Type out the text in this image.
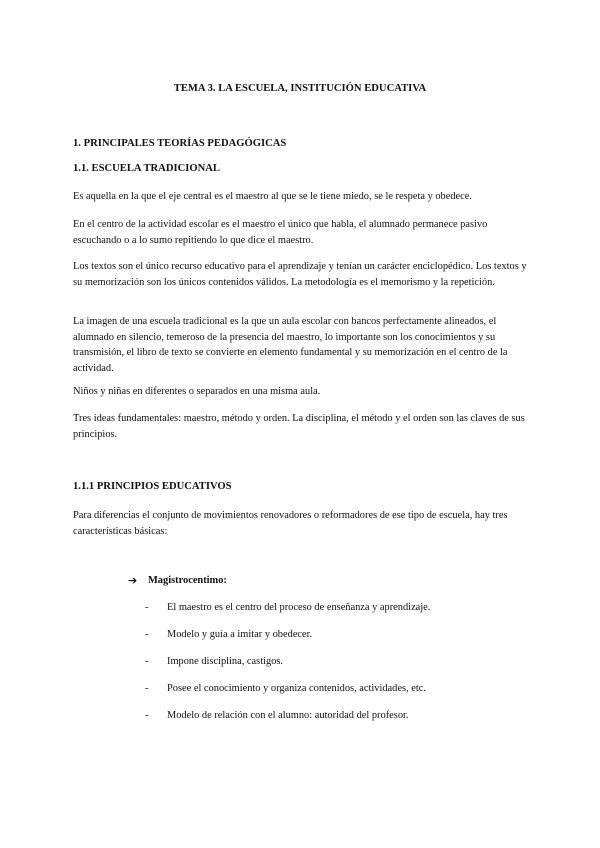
TEMA 3. LA ESCUELA, INSTITUCIÓN EDUCATIVA

1. PRINCIPALES TEORÍAS PEDAGÓGICAS

1.1. ESCUELA TRADICIONAL

Es aquella en la que el eje central es el maestro al que se le tiene miedo, se le respeta y obedece.

En el centro de la actividad escolar es el maestro el único que habla, el alumnado permanece pasivo escuchando o a lo sumo repitiendo lo que dice el maestro.

Los textos son el único recurso educativo para el aprendizaje y tenían un carácter enciclopédico. Los textos y su memorización son los únicos contenidos válidos. La metodología es el memorismo y la repetición.

La imagen de una escuela tradicional es la que un aula escolar con bancos perfectamente alineados, el alumnado en silencio, temeroso de la presencia del maestro, lo importante son los conocimientos y su transmisión, el libro de texto se convierte en elemento fundamental y su memorización en el centro de la actividad.

Niños y niñas en diferentes o separados en una misma aula.

Tres ideas fundamentales: maestro, método y orden. La disciplina, el método y el orden son las claves de sus principios.

1.1.1 PRINCIPIOS EDUCATIVOS

Para diferencias el conjunto de movimientos renovadores o reformadores de ese tipo de escuela, hay tres características básicas:

➔	Magistrocentimo:

-	El maestro es el centro del proceso de enseñanza y aprendizaje.
-	Modelo y guía a imitar y obedecer.
-	Impone disciplina, castigos.
-	Posee el conocimiento y organiza contenidos, actividades, etc.
-	Modelo de relación con el alumno: autoridad del profesor.
